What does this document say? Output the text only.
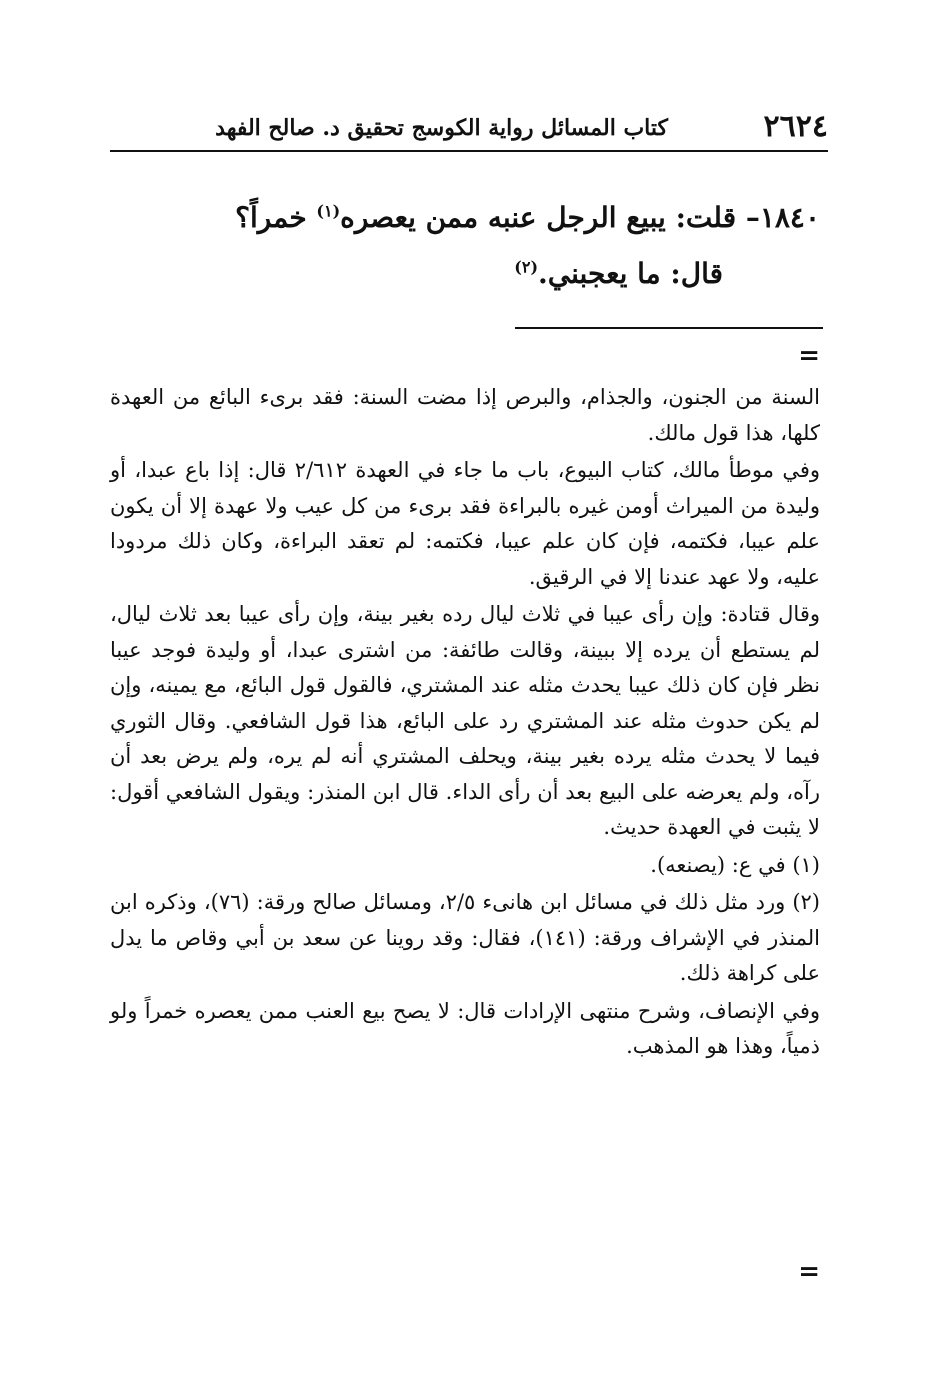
٢٦٢٤
كتاب المسائل رواية الكوسج تحقيق د. صالح الفهد
١٨٤٠– قلت: يبيع الرجل عنبه ممن يعصره$^{(١)}$ خمراً؟
قال: ما يعجبني.$^{(٢)}$
=

السنة من الجنون، والجذام، والبرص إذا مضت السنة: فقد برىء البائع من العهدة كلها، هذا قول مالك.

وفي موطأ مالك، كتاب البيوع، باب ما جاء في العهدة ٢/٦١٢ قال: إذا باع عبدا، أو وليدة من الميراث أومن غيره بالبراءة فقد برىء من كل عيب ولا عهدة إلا أن يكون علم عيبا، فكتمه، فإن كان علم عيبا، فكتمه: لم تعقد البراءة، وكان ذلك مردودا عليه، ولا عهد عندنا إلا في الرقيق.

وقال قتادة: وإن رأى عيبا في ثلاث ليال رده بغير بينة، وإن رأى عيبا بعد ثلاث ليال، لم يستطع أن يرده إلا ببينة، وقالت طائفة: من اشترى عبدا، أو وليدة فوجد عيبا نظر فإن كان ذلك عيبا يحدث مثله عند المشتري، فالقول قول البائع، مع يمينه، وإن لم يكن حدوث مثله عند المشتري رد على البائع، هذا قول الشافعي. وقال الثوري فيما لا يحدث مثله يرده بغير بينة، ويحلف المشتري أنه لم يره، ولم يرض بعد أن رآه، ولم يعرضه على البيع بعد أن رأى الداء. قال ابن المنذر: ويقول الشافعي أقول: لا يثبت في العهدة حديث.

(١) في ع: (يصنعه).

(٢) ورد مثل ذلك في مسائل ابن هانىء ٢/٥، ومسائل صالح ورقة: (٧٦)، وذكره ابن المنذر في الإشراف ورقة: (١٤١)، فقال: وقد روينا عن سعد بن أبي وقاص ما يدل على كراهة ذلك.

وفي الإنصاف، وشرح منتهى الإرادات قال: لا يصح بيع العنب ممن يعصره خمراً ولو ذمياً، وهذا هو المذهب.

=
